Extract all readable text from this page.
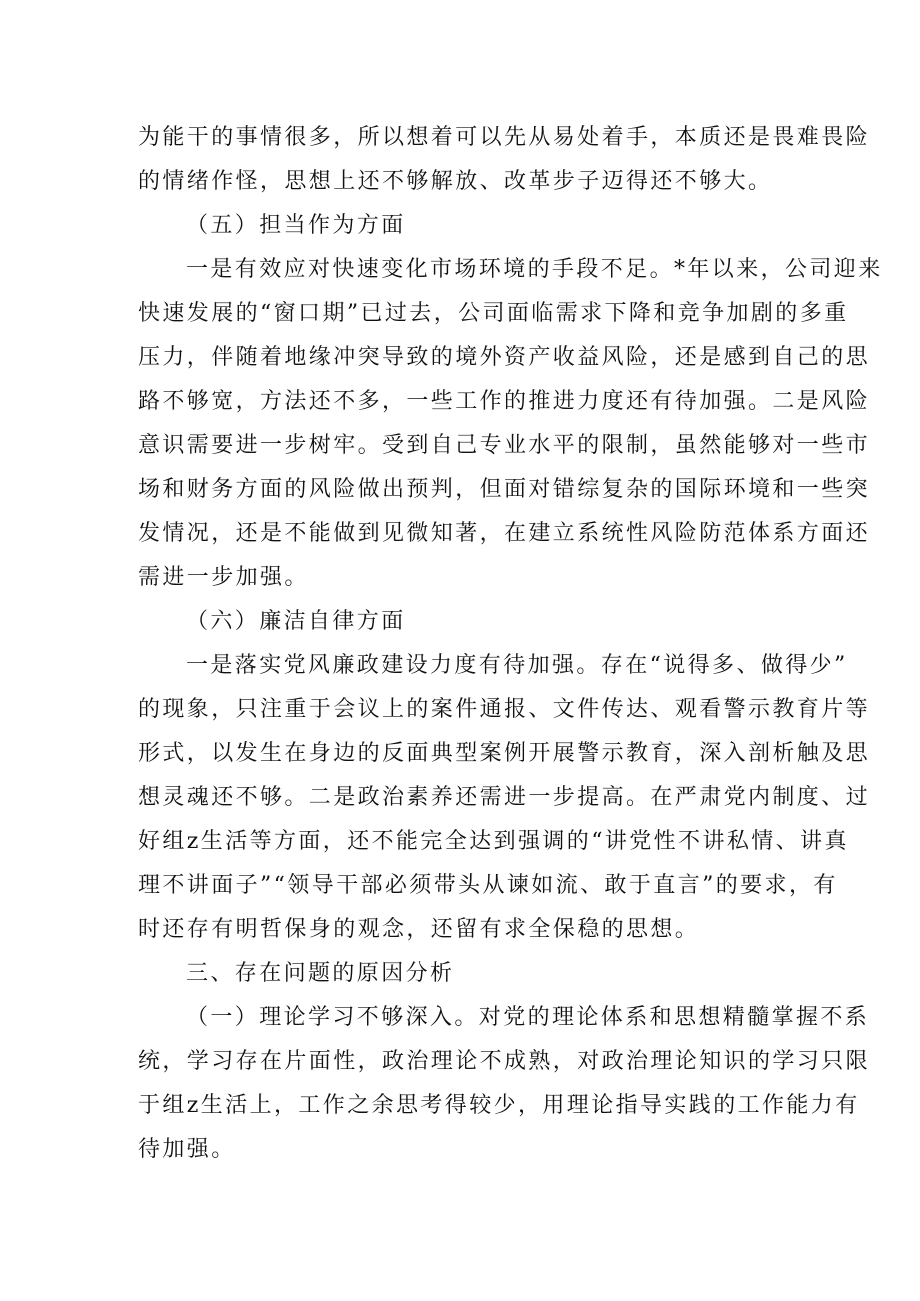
为能干的事情很多，所以想着可以先从易处着手，本质还是畏难畏险
的情绪作怪，思想上还不够解放、改革步子迈得还不够大。
（五）担当作为方面
一是有效应对快速变化市场环境的手段不足。*年以来，公司迎来
快速发展的“窗口期”已过去，公司面临需求下降和竞争加剧的多重
压力，伴随着地缘冲突导致的境外资产收益风险，还是感到自己的思
路不够宽，方法还不多，一些工作的推进力度还有待加强。二是风险
意识需要进一步树牢。受到自己专业水平的限制，虽然能够对一些市
场和财务方面的风险做出预判，但面对错综复杂的国际环境和一些突
发情况，还是不能做到见微知著，在建立系统性风险防范体系方面还
需进一步加强。
（六）廉洁自律方面
一是落实党风廉政建设力度有待加强。存在“说得多、做得少”
的现象，只注重于会议上的案件通报、文件传达、观看警示教育片等
形式，以发生在身边的反面典型案例开展警示教育，深入剖析触及思
想灵魂还不够。二是政治素养还需进一步提高。在严肃党内制度、过
好组z生活等方面，还不能完全达到强调的“讲党性不讲私情、讲真
理不讲面子”“领导干部必须带头从谏如流、敢于直言”的要求，有
时还存有明哲保身的观念，还留有求全保稳的思想。
三、存在问题的原因分析
（一）理论学习不够深入。对党的理论体系和思想精髓掌握不系
统，学习存在片面性，政治理论不成熟，对政治理论知识的学习只限
于组z生活上，工作之余思考得较少，用理论指导实践的工作能力有
待加强。
